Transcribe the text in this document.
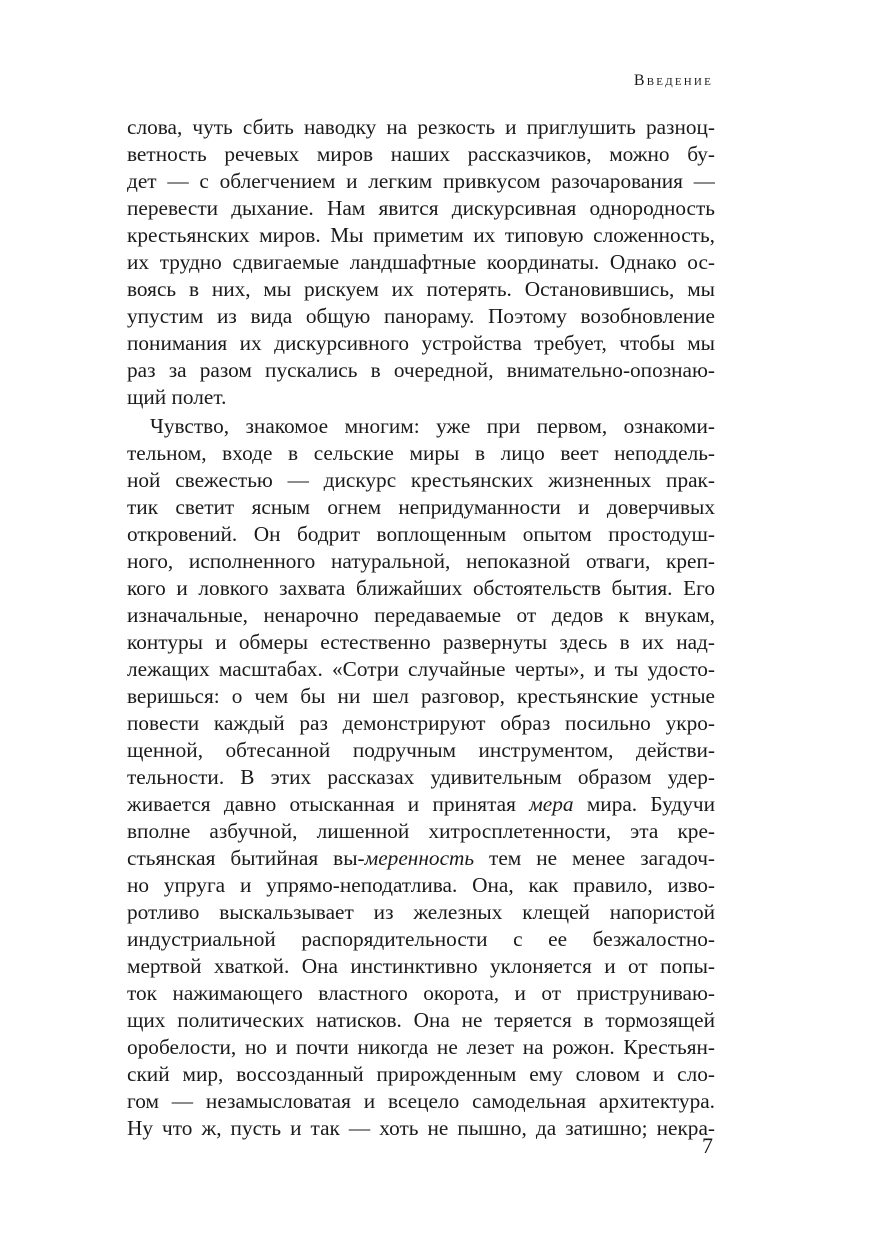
Введение
слова, чуть сбить наводку на резкость и приглушить разноц-
ветность речевых миров наших рассказчиков, можно бу-
дет — с облегчением и легким привкусом разочарования —
перевести дыхание. Нам явится дискурсивная однородность
крестьянских миров. Мы приметим их типовую сложенность,
их трудно сдвигаемые ландшафтные координаты. Однако ос-
воясь в них, мы рискуем их потерять. Остановившись, мы
упустим из вида общую панораму. Поэтому возобновление
понимания их дискурсивного устройства требует, чтобы мы
раз за разом пускались в очередной, внимательно-опознаю-
щий полет.
Чувство, знакомое многим: уже при первом, ознакоми-
тельном, входе в сельские миры в лицо веет неподдель-
ной свежестью — дискурс крестьянских жизненных прак-
тик светит ясным огнем непридуманности и доверчивых
откровений. Он бодрит воплощенным опытом простодуш-
ного, исполненного натуральной, непоказной отваги, креп-
кого и ловкого захвата ближайших обстоятельств бытия. Его
изначальные, ненарочно передаваемые от дедов к внукам,
контуры и обмеры естественно развернуты здесь в их над-
лежащих масштабах. «Сотри случайные черты», и ты удосто-
веришься: о чем бы ни шел разговор, крестьянские устные
повести каждый раз демонстрируют образ посильно укро-
щенной, обтесанной подручным инструментом, действи-
тельности. В этих рассказах удивительным образом удер-
живается давно отысканная и принятая мера мира. Будучи
вполне азбучной, лишенной хитросплетенности, эта кре-
стьянская бытийная вы-меренность тем не менее загадоч-
но упруга и упрямо-неподатлива. Она, как правило, изво-
ротливо выскальзывает из железных клещей напористой
индустриальной распорядительности с ее безжалостно-
мертвой хваткой. Она инстинктивно уклоняется и от попы-
ток нажимающего властного окорота, и от приструниваю-
щих политических натисков. Она не теряется в тормозящей
оробелости, но и почти никогда не лезет на рожон. Крестьян-
ский мир, воссозданный прирожденным ему словом и сло-
гом — незамысловатая и всецело самодельная архитектура.
Ну что ж, пусть и так — хоть не пышно, да затишно; некра-
7
